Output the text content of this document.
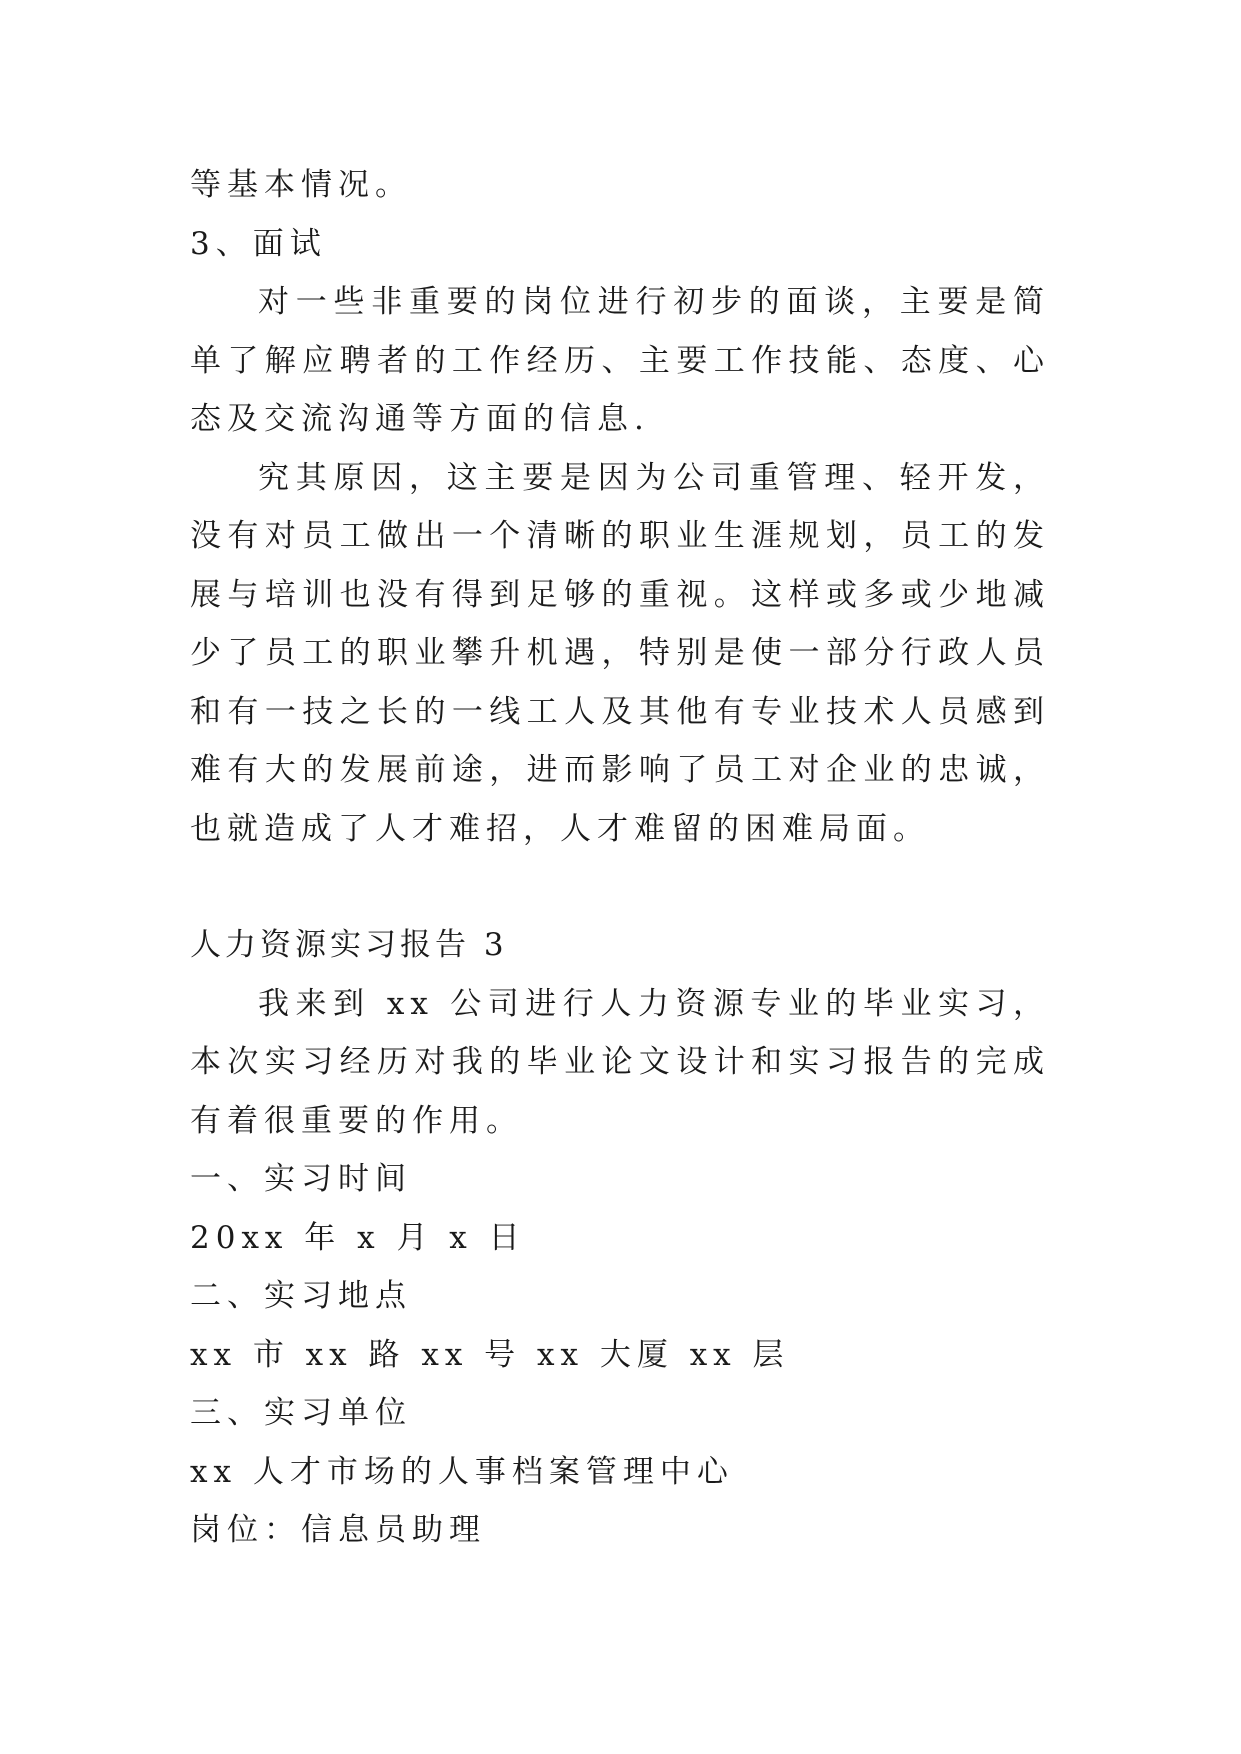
等基本情况。

3、面试

对一些非重要的岗位进行初步的面谈，主要是简单了解应聘者的工作经历、主要工作技能、态度、心态及交流沟通等方面的信息.

究其原因，这主要是因为公司重管理、轻开发，没有对员工做出一个清晰的职业生涯规划，员工的发展与培训也没有得到足够的重视。这样或多或少地减少了员工的职业攀升机遇，特别是使一部分行政人员和有一技之长的一线工人及其他有专业技术人员感到难有大的发展前途，进而影响了员工对企业的忠诚，也就造成了人才难招，人才难留的困难局面。

人力资源实习报告 3

我来到 xx 公司进行人力资源专业的毕业实习，本次实习经历对我的毕业论文设计和实习报告的完成有着很重要的作用。

一、实习时间

20xx 年 x 月 x 日

二、实习地点

xx 市 xx 路 xx 号 xx 大厦 xx 层

三、实习单位

xx 人才市场的人事档案管理中心

岗位：信息员助理
